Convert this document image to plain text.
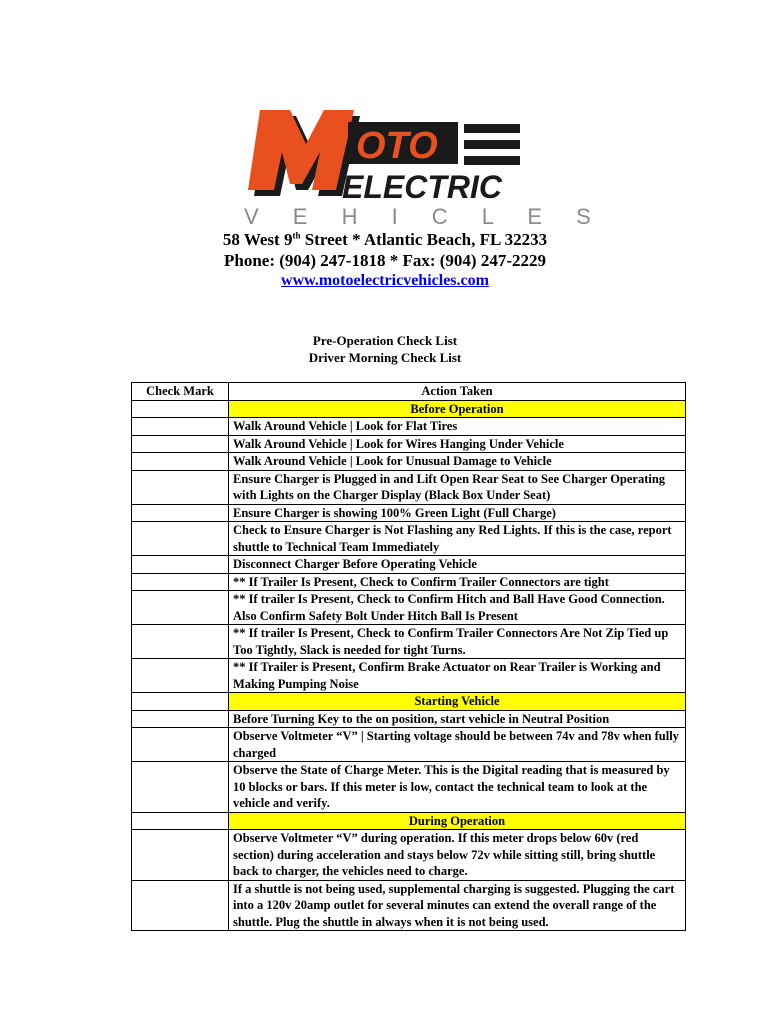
OTO
ELECTRIC
V E H I C L E S
58 West 9th Street * Atlantic Beach, FL 32233
Phone: (904) 247-1818 * Fax: (904) 247-2229
www.motoelectricvehicles.com
Pre-Operation Check List
Driver Morning Check List
Check Mark	Action Taken
	Before Operation
	Walk Around Vehicle | Look for Flat Tires
	Walk Around Vehicle | Look for Wires Hanging Under Vehicle
	Walk Around Vehicle | Look for Unusual Damage to Vehicle
	Ensure Charger is Plugged in and Lift Open Rear Seat to See Charger Operating with Lights on the Charger Display (Black Box Under Seat)
	Ensure Charger is showing 100% Green Light (Full Charge)
	Check to Ensure Charger is Not Flashing any Red Lights. If this is the case, report shuttle to Technical Team Immediately
	Disconnect Charger Before Operating Vehicle
	** If Trailer Is Present, Check to Confirm Trailer Connectors are tight
	** If trailer Is Present, Check to Confirm Hitch and Ball Have Good Connection. Also Confirm Safety Bolt Under Hitch Ball Is Present
	** If trailer Is Present, Check to Confirm Trailer Connectors Are Not Zip Tied up Too Tightly, Slack is needed for tight Turns.
	** If Trailer is Present, Confirm Brake Actuator on Rear Trailer is Working and Making Pumping Noise
	Starting Vehicle
	Before Turning Key to the on position, start vehicle in Neutral Position
	Observe Voltmeter “V” | Starting voltage should be between 74v and 78v when fully charged
	Observe the State of Charge Meter. This is the Digital reading that is measured by 10 blocks or bars. If this meter is low, contact the technical team to look at the vehicle and verify.
	During Operation
	Observe Voltmeter “V” during operation. If this meter drops below 60v (red section) during acceleration and stays below 72v while sitting still, bring shuttle back to charger, the vehicles need to charge.
	If a shuttle is not being used, supplemental charging is suggested. Plugging the cart into a 120v 20amp outlet for several minutes can extend the overall range of the shuttle. Plug the shuttle in always when it is not being used.
